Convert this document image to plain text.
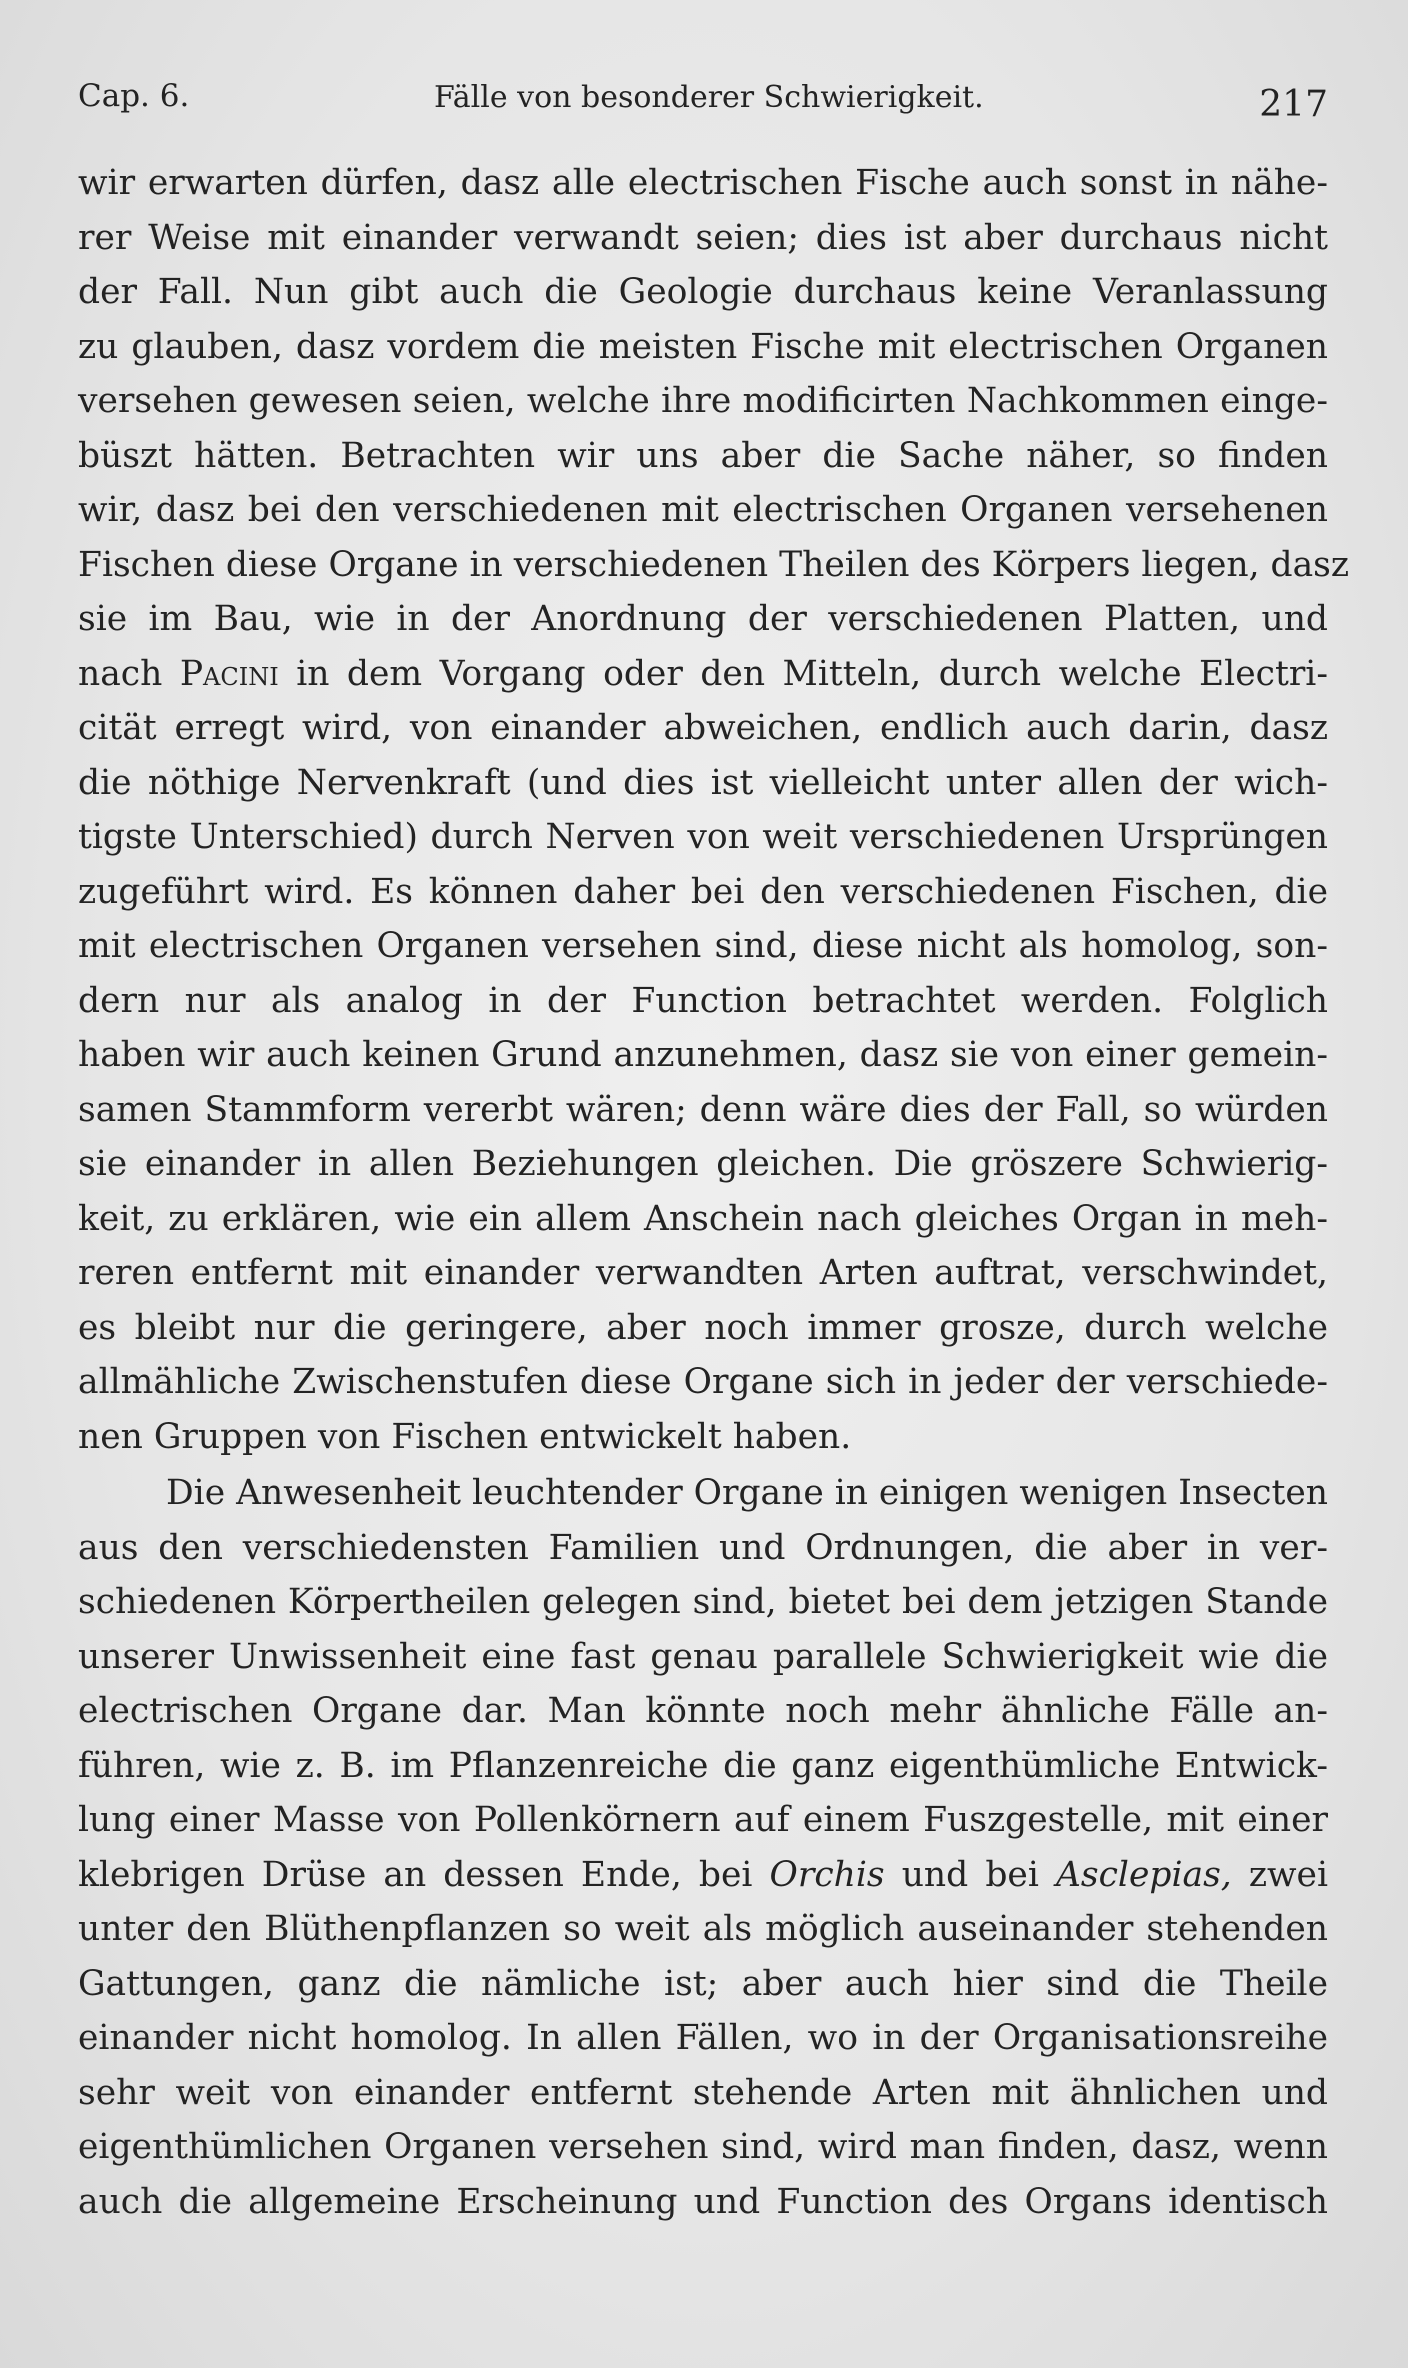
Cap. 6.	Fälle von besonderer Schwierigkeit.	217
wir erwarten dürfen, dasz alle electrischen Fische auch sonst in nähe-
rer Weise mit einander verwandt seien; dies ist aber durchaus nicht
der Fall. Nun gibt auch die Geologie durchaus keine Veranlassung
zu glauben, dasz vordem die meisten Fische mit electrischen Organen
versehen gewesen seien, welche ihre modificirten Nachkommen einge-
büszt hätten. Betrachten wir uns aber die Sache näher, so finden
wir, dasz bei den verschiedenen mit electrischen Organen versehenen
Fischen diese Organe in verschiedenen Theilen des Körpers liegen, dasz
sie im Bau, wie in der Anordnung der verschiedenen Platten, und
nach Pacini in dem Vorgang oder den Mitteln, durch welche Electri-
cität erregt wird, von einander abweichen, endlich auch darin, dasz
die nöthige Nervenkraft (und dies ist vielleicht unter allen der wich-
tigste Unterschied) durch Nerven von weit verschiedenen Ursprüngen
zugeführt wird. Es können daher bei den verschiedenen Fischen, die
mit electrischen Organen versehen sind, diese nicht als homolog, son-
dern nur als analog in der Function betrachtet werden. Folglich
haben wir auch keinen Grund anzunehmen, dasz sie von einer gemein-
samen Stammform vererbt wären; denn wäre dies der Fall, so würden
sie einander in allen Beziehungen gleichen. Die gröszere Schwierig-
keit, zu erklären, wie ein allem Anschein nach gleiches Organ in meh-
reren entfernt mit einander verwandten Arten auftrat, verschwindet,
es bleibt nur die geringere, aber noch immer grosze, durch welche
allmähliche Zwischenstufen diese Organe sich in jeder der verschiede-
nen Gruppen von Fischen entwickelt haben.
Die Anwesenheit leuchtender Organe in einigen wenigen Insecten
aus den verschiedensten Familien und Ordnungen, die aber in ver-
schiedenen Körpertheilen gelegen sind, bietet bei dem jetzigen Stande
unserer Unwissenheit eine fast genau parallele Schwierigkeit wie die
electrischen Organe dar. Man könnte noch mehr ähnliche Fälle an-
führen, wie z. B. im Pflanzenreiche die ganz eigenthümliche Entwick-
lung einer Masse von Pollenkörnern auf einem Fuszgestelle, mit einer
klebrigen Drüse an dessen Ende, bei Orchis und bei Asclepias, zwei
unter den Blüthenpflanzen so weit als möglich auseinander stehenden
Gattungen, ganz die nämliche ist; aber auch hier sind die Theile
einander nicht homolog. In allen Fällen, wo in der Organisationsreihe
sehr weit von einander entfernt stehende Arten mit ähnlichen und
eigenthümlichen Organen versehen sind, wird man finden, dasz, wenn
auch die allgemeine Erscheinung und Function des Organs identisch
